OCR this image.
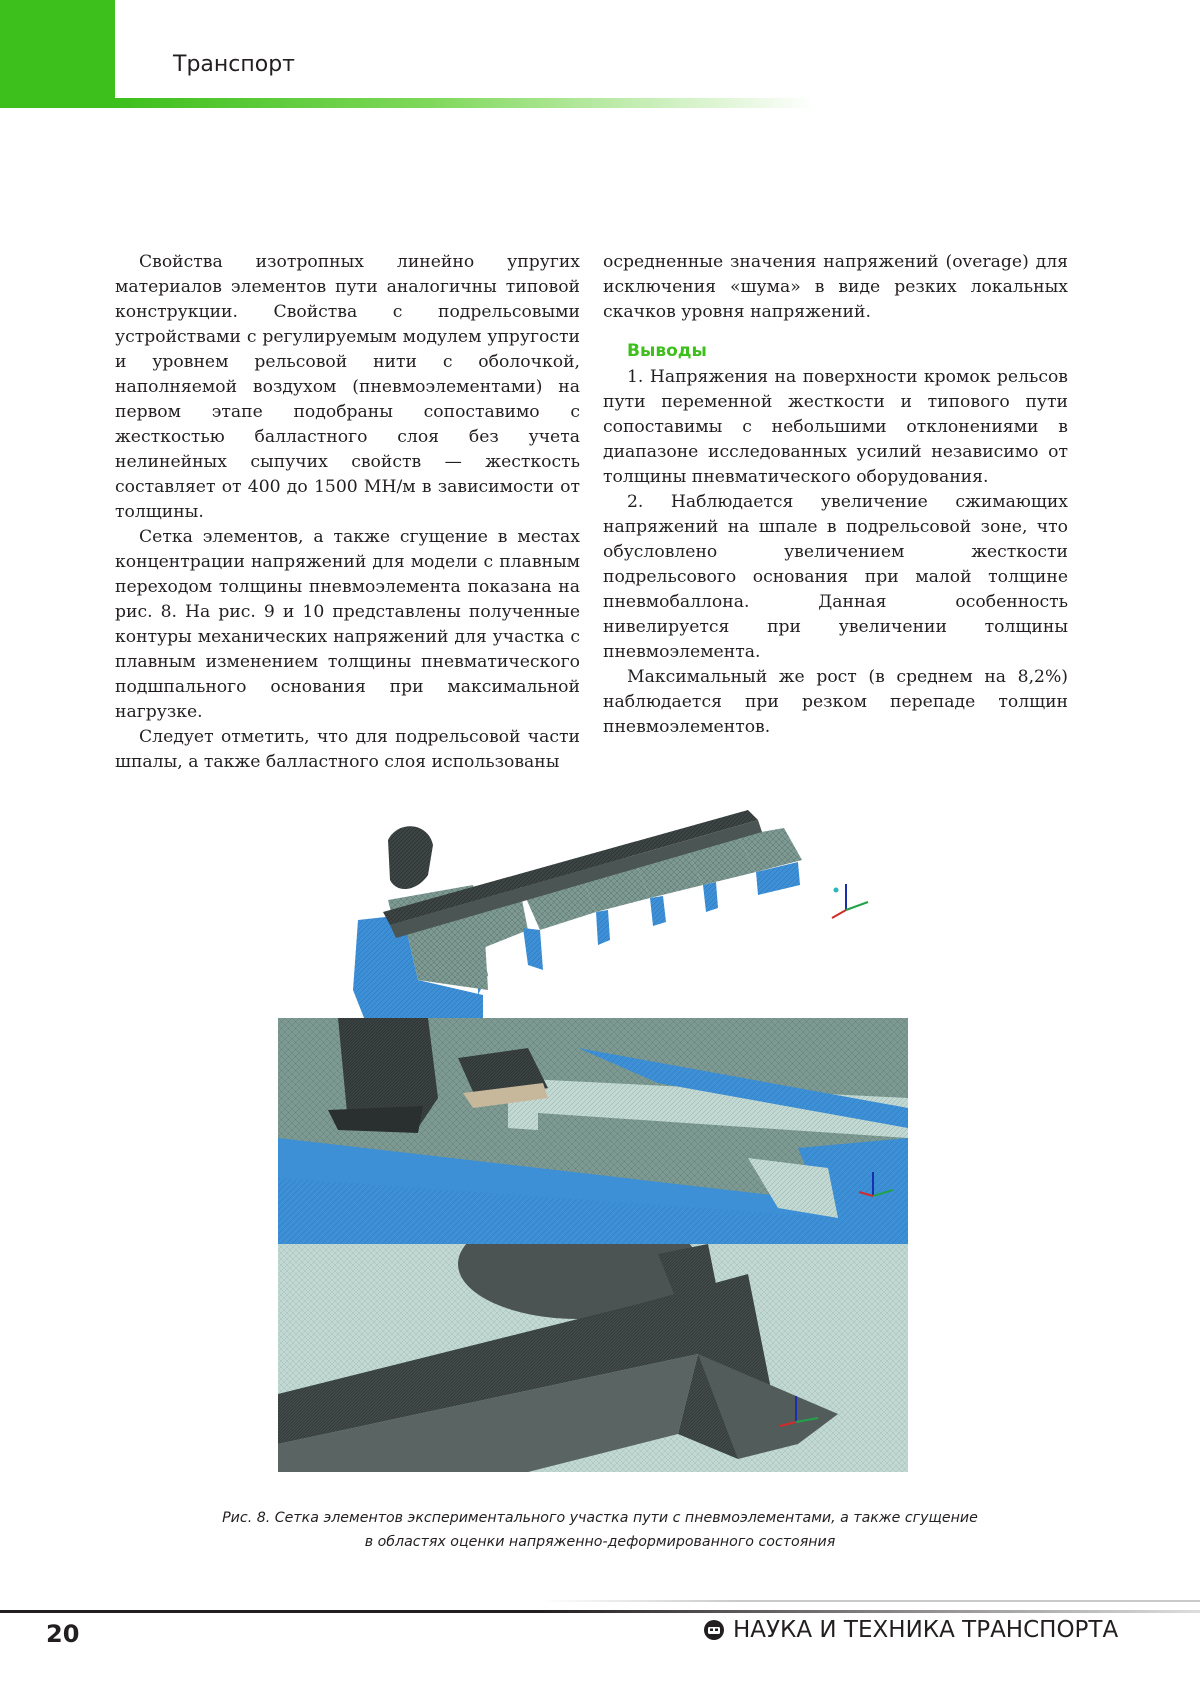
Транспорт

Свойства изотропных линейно упругих материалов элементов пути аналогичны типовой конструкции. Свойства с подрельсовыми устройствами с регулируемым модулем упругости и уровнем рельсовой нити с оболочкой, наполняемой воздухом (пневмоэлементами) на первом этапе подобраны сопоставимо с жесткостью балластного слоя без учета нелинейных сыпучих свойств — жесткость составляет от 400 до 1500 МН/м в зависимости от толщины.

Сетка элементов, а также сгущение в местах концентрации напряжений для модели с плавным переходом толщины пневмоэлемента показана на рис. 8. На рис. 9 и 10 представлены полученные контуры механических напряжений для участка с плавным изменением толщины пневматического подшпального основания при максимальной нагрузке.

Следует отметить, что для подрельсовой части шпалы, а также балластного слоя использованы

осредненные значения напряжений (overage) для исключения «шума» в виде резких локальных скачков уровня напряжений.

Выводы

1. Напряжения на поверхности кромок рельсов пути переменной жесткости и типового пути сопоставимы с небольшими отклонениями в диапазоне исследованных усилий независимо от толщины пневматического оборудования.

2. Наблюдается увеличение сжимающих напряжений на шпале в подрельсовой зоне, что обусловлено увеличением жесткости подрельсового основания при малой толщине пневмобаллона. Данная особенность нивелируется при увеличении толщины пневмоэлемента.

Максимальный же рост (в среднем на 8,2%) наблюдается при резком перепаде толщин пневмоэлементов.

Рис. 8. Сетка элементов экспериментального участка пути с пневмоэлементами, а также сгущение
в областях оценки напряженно-деформированного состояния
20	НАУКА И ТЕХНИКА ТРАНСПОРТА
